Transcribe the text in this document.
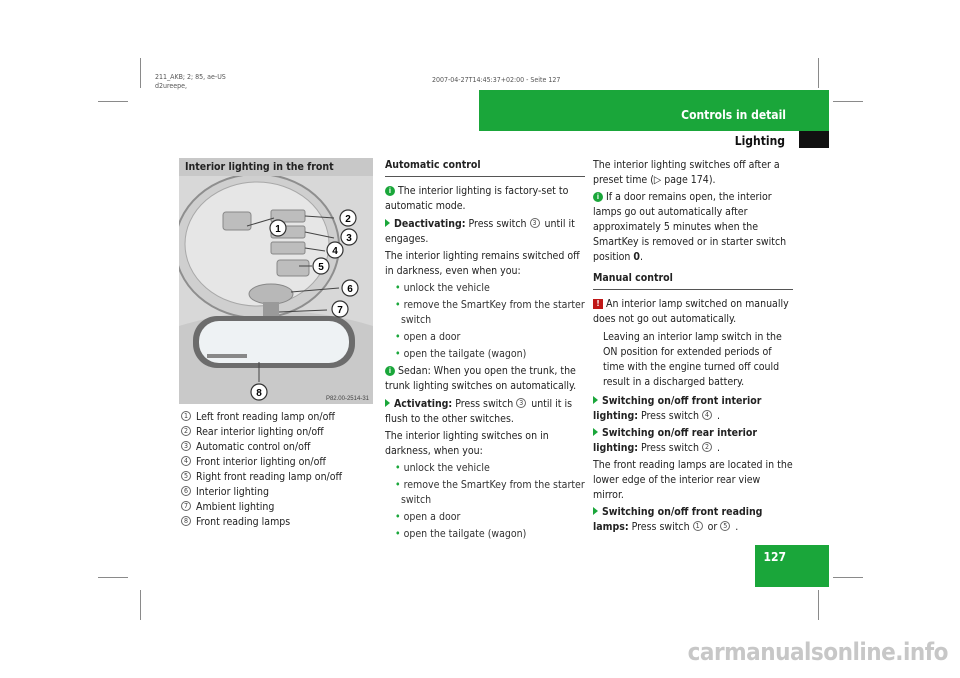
211_AKB; 2; 85, ae-US
d2ureepe,
2007-04-27T14:45:37+02:00 - Seite 127
Controls in detail
Lighting
127
Interior lighting in the front
1
2
3
4
5
6
7
8	P82.00-2514-31
1 Left front reading lamp on/off
2 Rear interior lighting on/off
3 Automatic control on/off
4 Front interior lighting on/off
5 Right front reading lamp on/off
6 Interior lighting
7 Ambient lighting
8 Front reading lamps
Automatic control
i The interior lighting is factory-set to automatic mode.
Deactivating: Press switch 3 until it engages.
The interior lighting remains switched off in darkness, even when you:
• unlock the vehicle
• remove the SmartKey from the starter switch
• open a door
• open the tailgate (wagon)
i Sedan: When you open the trunk, the trunk lighting switches on automatically.
Activating: Press switch 3 until it is flush to the other switches.
The interior lighting switches on in darkness, when you:
• unlock the vehicle
• remove the SmartKey from the starter switch
• open a door
• open the tailgate (wagon)
The interior lighting switches off after a preset time (▷ page 174).
i If a door remains open, the interior lamps go out automatically after approximately 5 minutes when the SmartKey is removed or in starter switch position 0.
Manual control
! An interior lamp switched on manually does not go out automatically.
Leaving an interior lamp switch in the ON position for extended periods of time with the engine turned off could result in a discharged battery.
Switching on/off front interior lighting: Press switch 4 .
Switching on/off rear interior lighting: Press switch 2 .
The front reading lamps are located in the lower edge of the interior rear view mirror.
Switching on/off front reading lamps: Press switch 1 or 5 .
carmanualsonline.info
